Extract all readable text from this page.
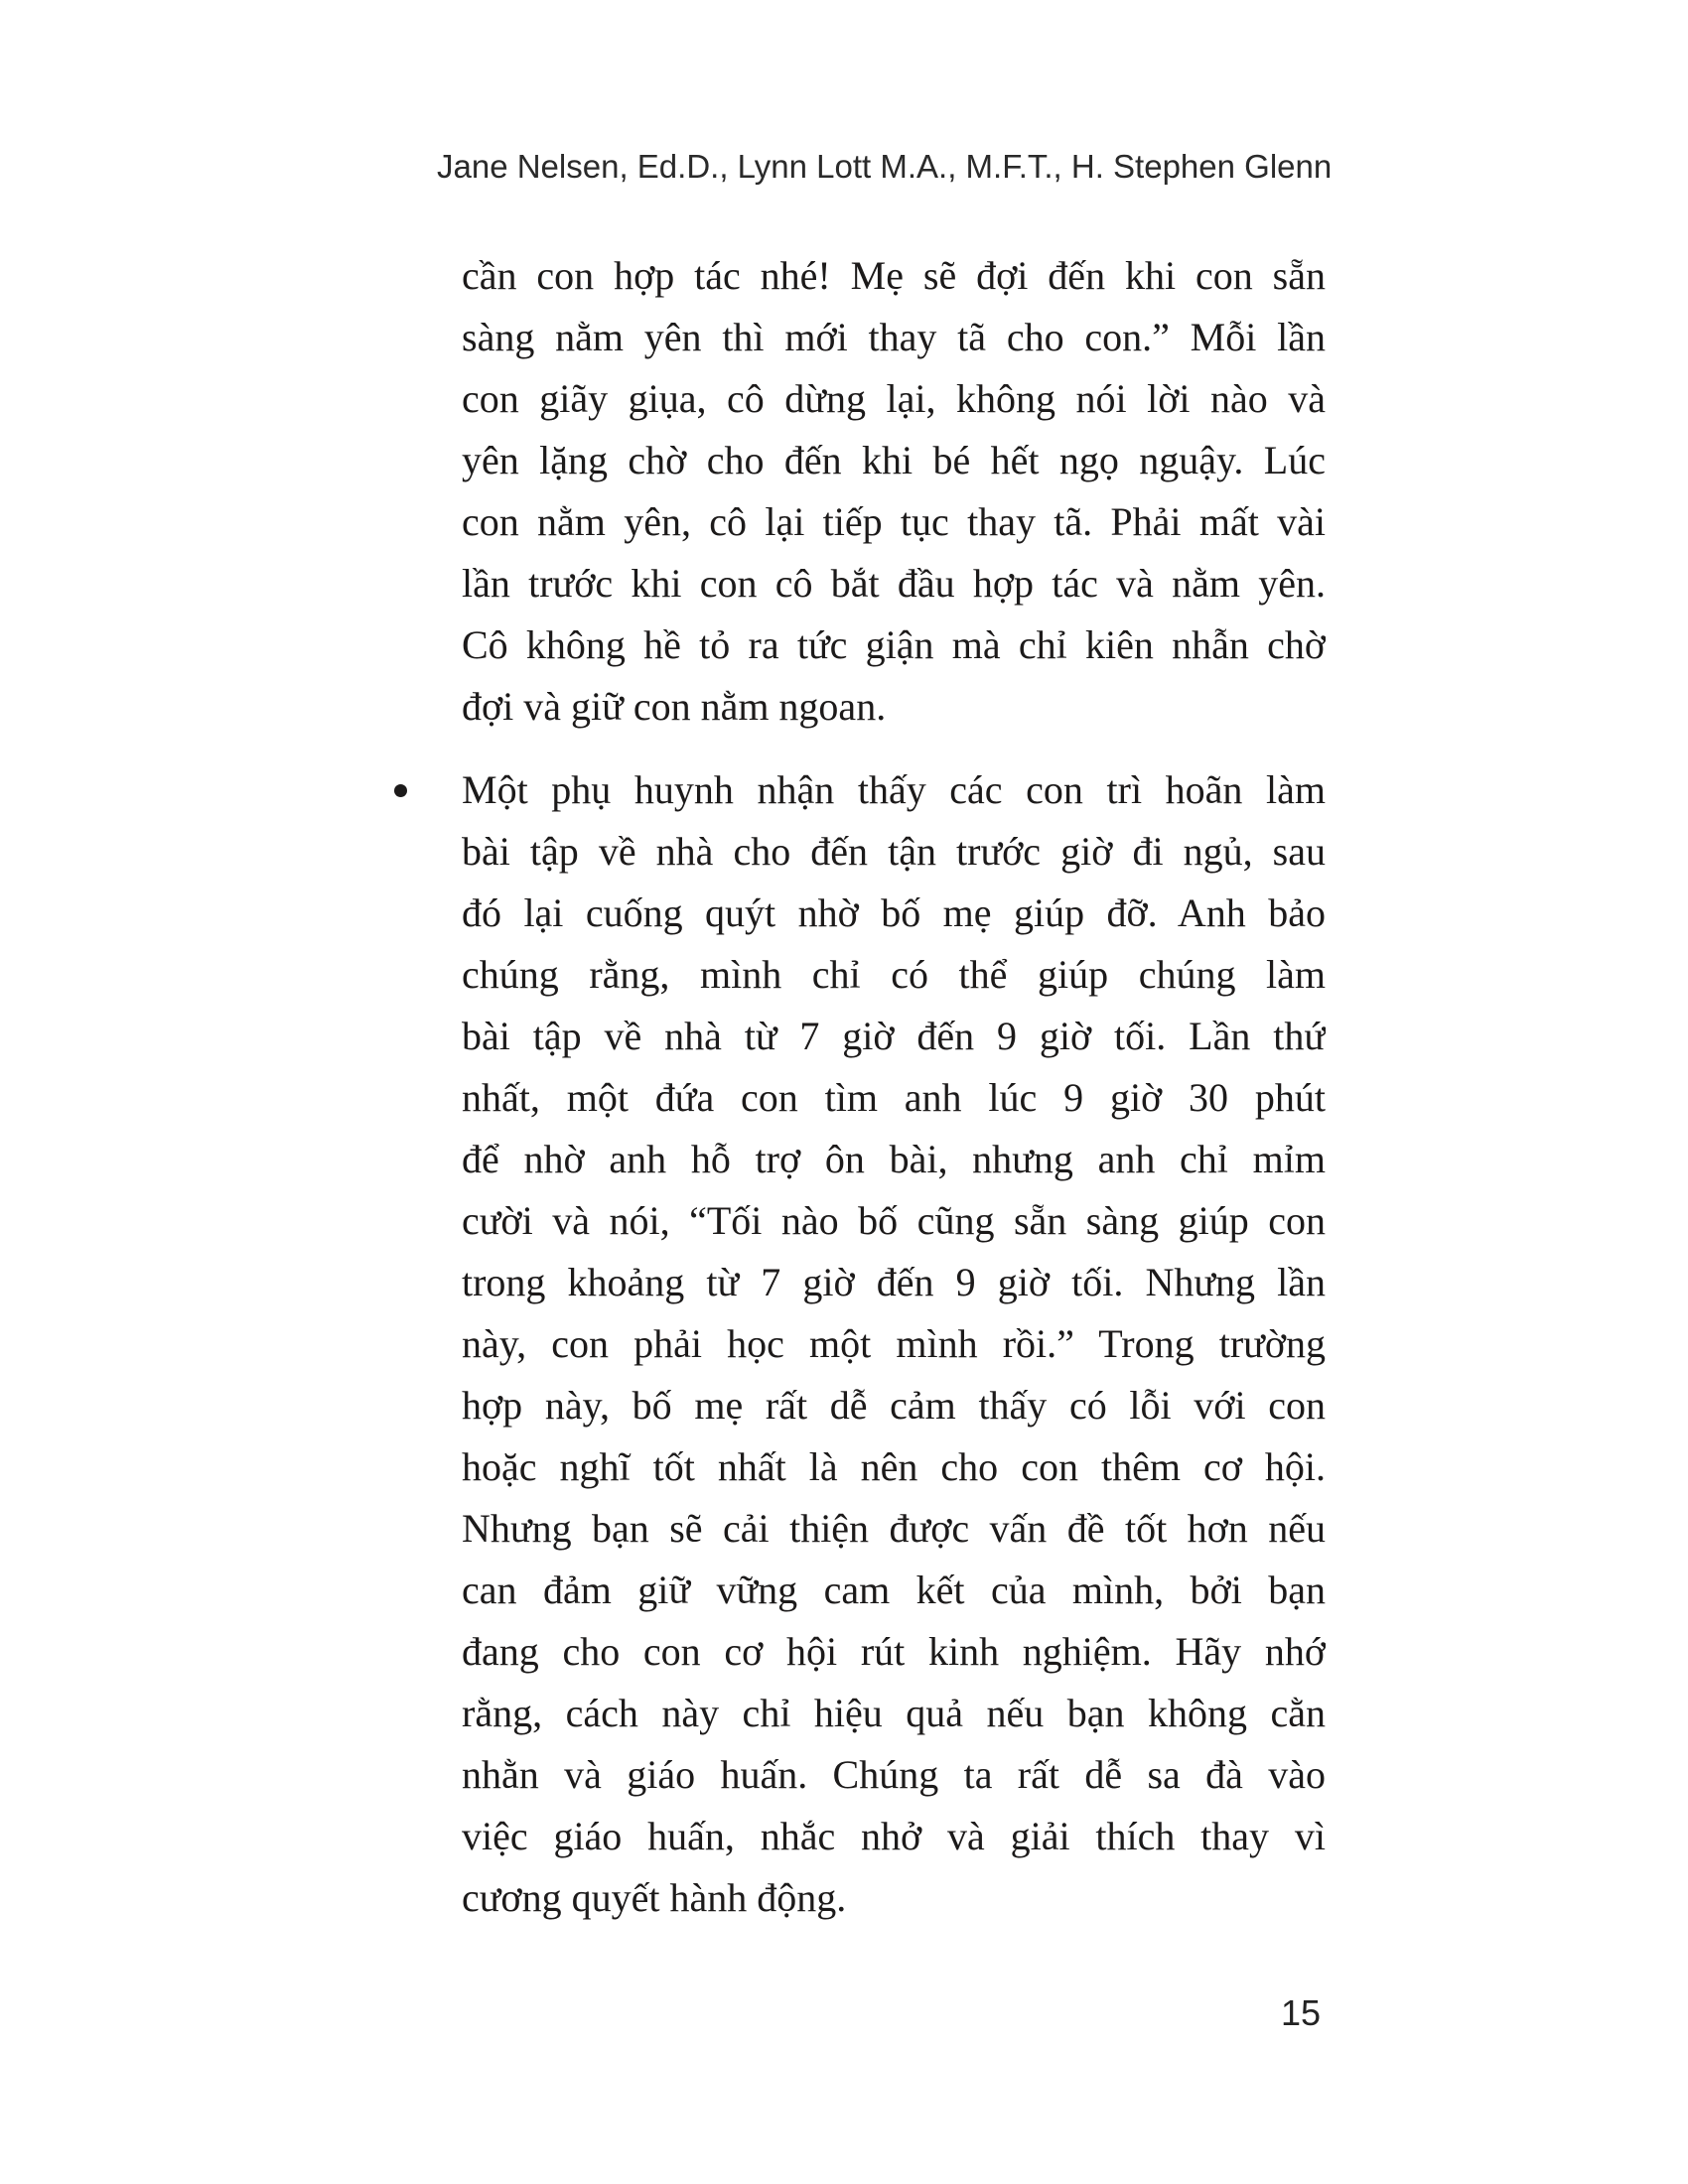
Jane Nelsen, Ed.D., Lynn Lott M.A., M.F.T., H. Stephen Glenn
cần con hợp tác nhé! Mẹ sẽ đợi đến khi con sẵn
sàng nằm yên thì mới thay tã cho con.” Mỗi lần
con giãy giụa, cô dừng lại, không nói lời nào và
yên lặng chờ cho đến khi bé hết ngọ nguậy. Lúc
con nằm yên, cô lại tiếp tục thay tã. Phải mất vài
lần trước khi con cô bắt đầu hợp tác và nằm yên.
Cô không hề tỏ ra tức giận mà chỉ kiên nhẫn chờ
đợi và giữ con nằm ngoan.
Một phụ huynh nhận thấy các con trì hoãn làm
bài tập về nhà cho đến tận trước giờ đi ngủ, sau
đó lại cuống quýt nhờ bố mẹ giúp đỡ. Anh bảo
chúng rằng, mình chỉ có thể giúp chúng làm
bài tập về nhà từ 7 giờ đến 9 giờ tối. Lần thứ
nhất, một đứa con tìm anh lúc 9 giờ 30 phút
để nhờ anh hỗ trợ ôn bài, nhưng anh chỉ mỉm
cười và nói, “Tối nào bố cũng sẵn sàng giúp con
trong khoảng từ 7 giờ đến 9 giờ tối. Nhưng lần
này, con phải học một mình rồi.” Trong trường
hợp này, bố mẹ rất dễ cảm thấy có lỗi với con
hoặc nghĩ tốt nhất là nên cho con thêm cơ hội.
Nhưng bạn sẽ cải thiện được vấn đề tốt hơn nếu
can đảm giữ vững cam kết của mình, bởi bạn
đang cho con cơ hội rút kinh nghiệm. Hãy nhớ
rằng, cách này chỉ hiệu quả nếu bạn không cằn
nhằn và giáo huấn. Chúng ta rất dễ sa đà vào
việc giáo huấn, nhắc nhở và giải thích thay vì
cương quyết hành động.
15
